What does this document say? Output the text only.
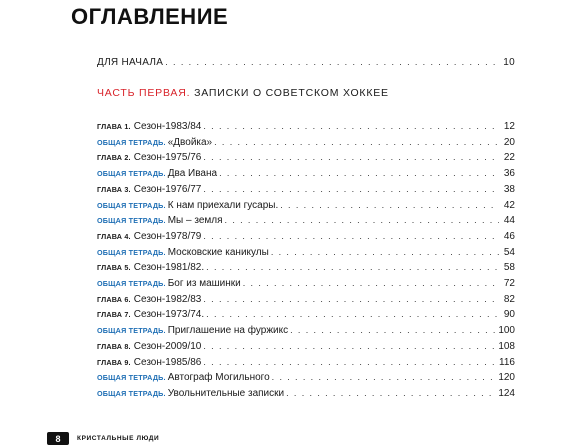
ОГЛАВЛЕНИЕ
ДЛЯ НАЧАЛА . . .	10
ЧАСТЬ ПЕРВАЯ. ЗАПИСКИ О СОВЕТСКОМ ХОККЕЕ
ГЛАВА 1. Сезон-1983/84 . . .	12
ОБЩАЯ ТЕТРАДЬ. «Двойка» . . .	20
ГЛАВА 2. Сезон-1975/76 . . .	22
ОБЩАЯ ТЕТРАДЬ. Два Ивана . . .	36
ГЛАВА 3. Сезон-1976/77 . . .	38
ОБЩАЯ ТЕТРАДЬ. К нам приехали гусары. . . .	42
ОБЩАЯ ТЕТРАДЬ. Мы – земля . . .	44
ГЛАВА 4. Сезон-1978/79 . . .	46
ОБЩАЯ ТЕТРАДЬ. Московские каникулы . . .	54
ГЛАВА 5. Сезон-1981/82. . . .	58
ОБЩАЯ ТЕТРАДЬ. Бог из машинки . . .	72
ГЛАВА 6. Сезон-1982/83 . . .	82
ГЛАВА 7. Сезон-1973/74. . . .	90
ОБЩАЯ ТЕТРАДЬ. Приглашение на фуржикс . . .	100
ГЛАВА 8. Сезон-2009/10 . . .	108
ГЛАВА 9. Сезон-1985/86 . . .	116
ОБЩАЯ ТЕТРАДЬ. Автограф Могильного . . .	120
ОБЩАЯ ТЕТРАДЬ. Увольнительные записки . . .	124
8	КРИСТАЛЬНЫЕ ЛЮДИ
